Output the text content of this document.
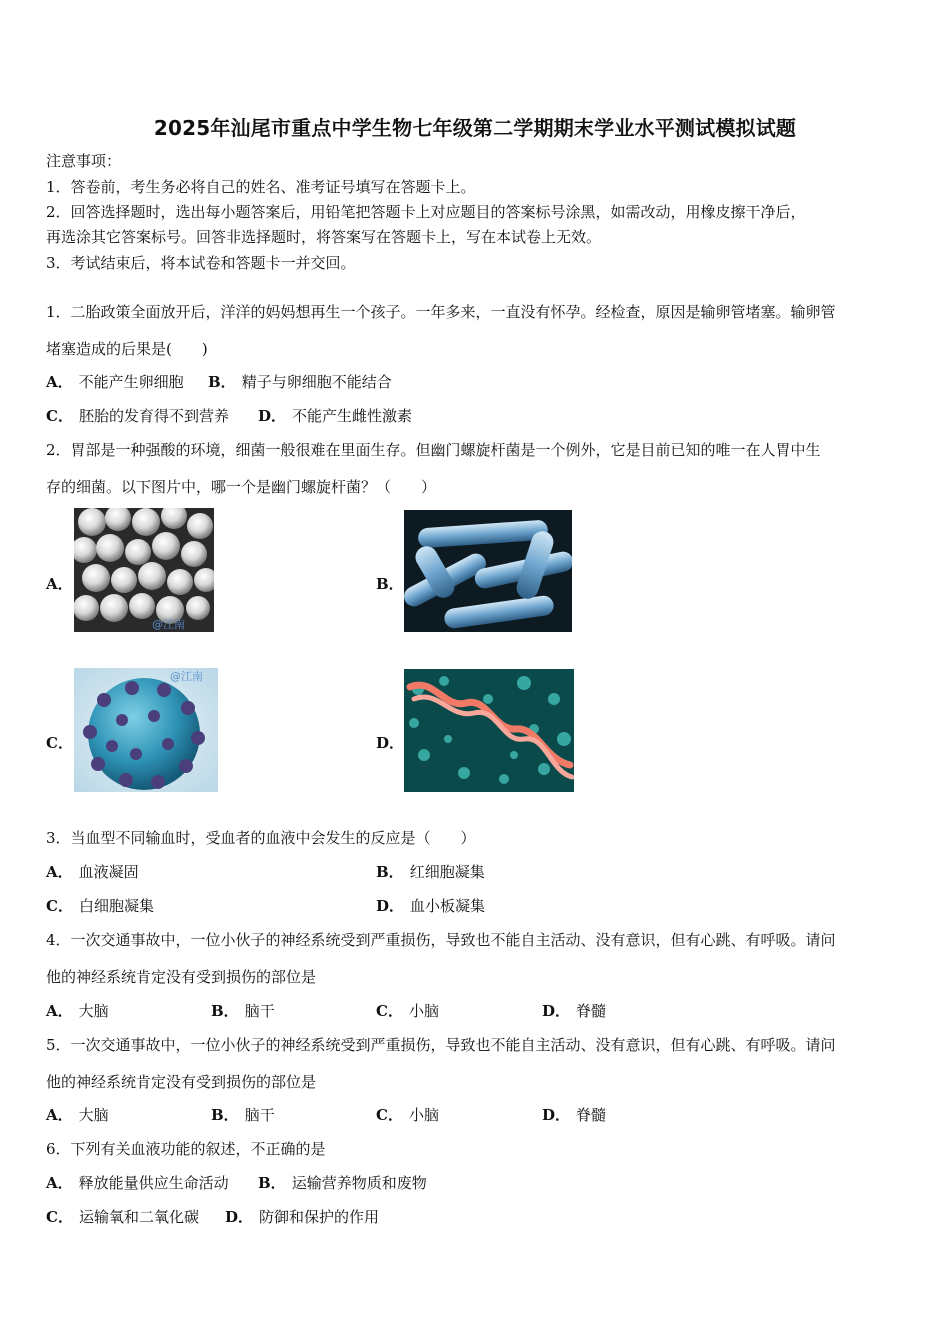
2025年汕尾市重点中学生物七年级第二学期期末学业水平测试模拟试题
注意事项：
1．答卷前，考生务必将自己的姓名、准考证号填写在答题卡上。
2．回答选择题时，选出每小题答案后，用铅笔把答题卡上对应题目的答案标号涂黑，如需改动，用橡皮擦干净后，
再选涂其它答案标号。回答非选择题时，将答案写在答题卡上，写在本试卷上无效。
3．考试结束后，将本试卷和答题卡一并交回。
1．二胎政策全面放开后，洋洋的妈妈想再生一个孩子。一年多来，一直没有怀孕。经检查，原因是输卵管堵塞。输卵管
堵塞造成的后果是(　　)
A． 不能产生卵细胞 B． 精子与卵细胞不能结合
C． 胚胎的发育得不到营养 D． 不能产生雌性激素
2．胃部是一种强酸的环境，细菌一般很难在里面生存。但幽门螺旋杆菌是一个例外，它是目前已知的唯一在人胃中生
存的细菌。以下图片中，哪一个是幽门螺旋杆菌？（　　）
A．
@江南
B．
C．
@江南
D．
3．当血型不同输血时，受血者的血液中会发生的反应是（　　）
A． 血液凝固	B． 红细胞凝集
C． 白细胞凝集	D． 血小板凝集
4．一次交通事故中，一位小伙子的神经系统受到严重损伤，导致也不能自主活动、没有意识，但有心跳、有呼吸。请问
他的神经系统肯定没有受到损伤的部位是
A． 大脑	B． 脑干	C． 小脑	D． 脊髓
5．一次交通事故中，一位小伙子的神经系统受到严重损伤，导致也不能自主活动、没有意识，但有心跳、有呼吸。请问
他的神经系统肯定没有受到损伤的部位是
A． 大脑	B． 脑干	C． 小脑	D． 脊髓
6．下列有关血液功能的叙述，不正确的是
A． 释放能量供应生命活动 B． 运输营养物质和废物
C． 运输氧和二氧化碳 D． 防御和保护的作用
